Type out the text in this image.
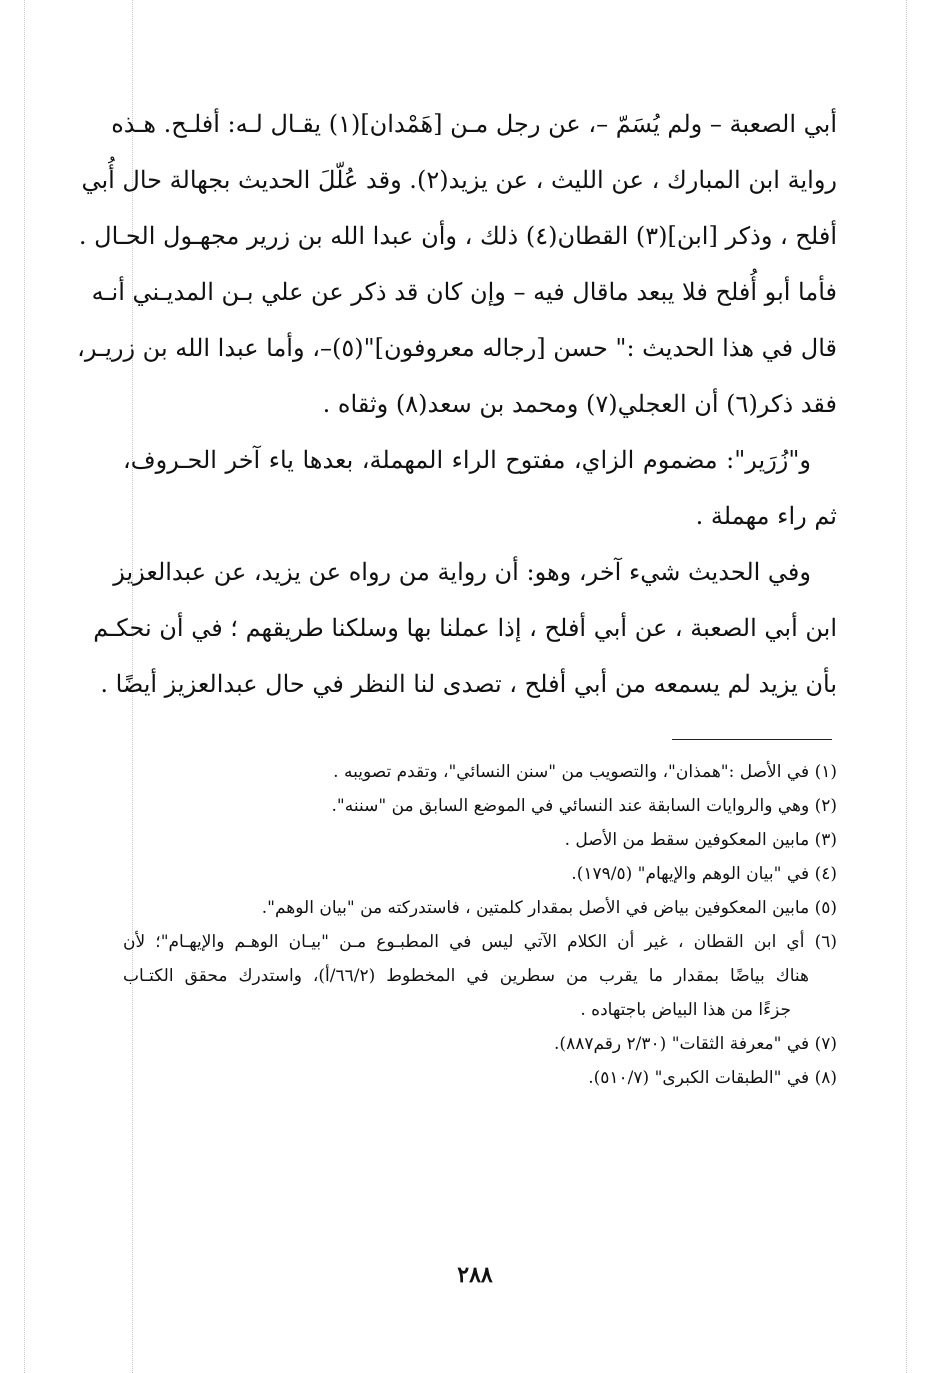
أبي الصعبة – ولم يُسَمّ –، عن رجل مـن [هَمْدان](١) يقـال لـه: أفلـح. هـذه
رواية ابن المبارك ، عن الليث ، عن يزيد(٢). وقد عُلّلَ الحديث بجهالة حال أُبي
أفلح ، وذكر [ابن](٣) القطان(٤) ذلك ، وأن عبدا الله بن زرير مجهـول الحـال .
فأما أبو أُفلح فلا يبعد ماقال فيه – وإن كان قد ذكر عن علي بـن المديـني أنـه
قال في هذا الحديث :" حسن [رجاله معروفون]"(٥)–، وأما عبدا الله بن زريـر،
فقد ذكر(٦) أن العجلي(٧) ومحمد بن سعد(٨) وثقاه .
و"زُرَير": مضموم الزاي، مفتوح الراء المهملة، بعدها ياء آخر الحـروف،
ثم راء مهملة .
وفي الحديث شيء آخر، وهو: أن رواية من رواه عن يزيد، عن عبدالعزيز
ابن أبي الصعبة ، عن أبي أفلح ، إذا عملنا بها وسلكنا طريقهم ؛ في أن نحكـم
بأن يزيد لم يسمعه من أبي أفلح ، تصدى لنا النظر في حال عبدالعزيز أيضًا .
(١) في الأصل :"همذان"، والتصويب من "سنن النسائي"، وتقدم تصويبه .
(٢) وهي والروايات السابقة عند النسائي في الموضع السابق من "سننه".
(٣) مابين المعكوفين سقط من الأصل .
(٤) في "بيان الوهم والإيهام" (١٧٩/٥).
(٥) مابين المعكوفين بياض في الأصل بمقدار كلمتين ، فاستدركته من "بيان الوهم".
(٦) أي ابن القطان ، غير أن الكلام الآتي ليس في المطبـوع مـن "بيـان الوهـم والإيهـام"؛ لأن
هناك بياضًا بمقدار ما يقرب من سطرين في المخطوط (٦٦/٢/أ)، واستدرك محقق الكتـاب
جزءًا من هذا البياض باجتهاده .
(٧) في "معرفة الثقات" (٢/٣٠ رقم٨٨٧).
(٨) في "الطبقات الكبرى" (٥١٠/٧).
٢٨٨
